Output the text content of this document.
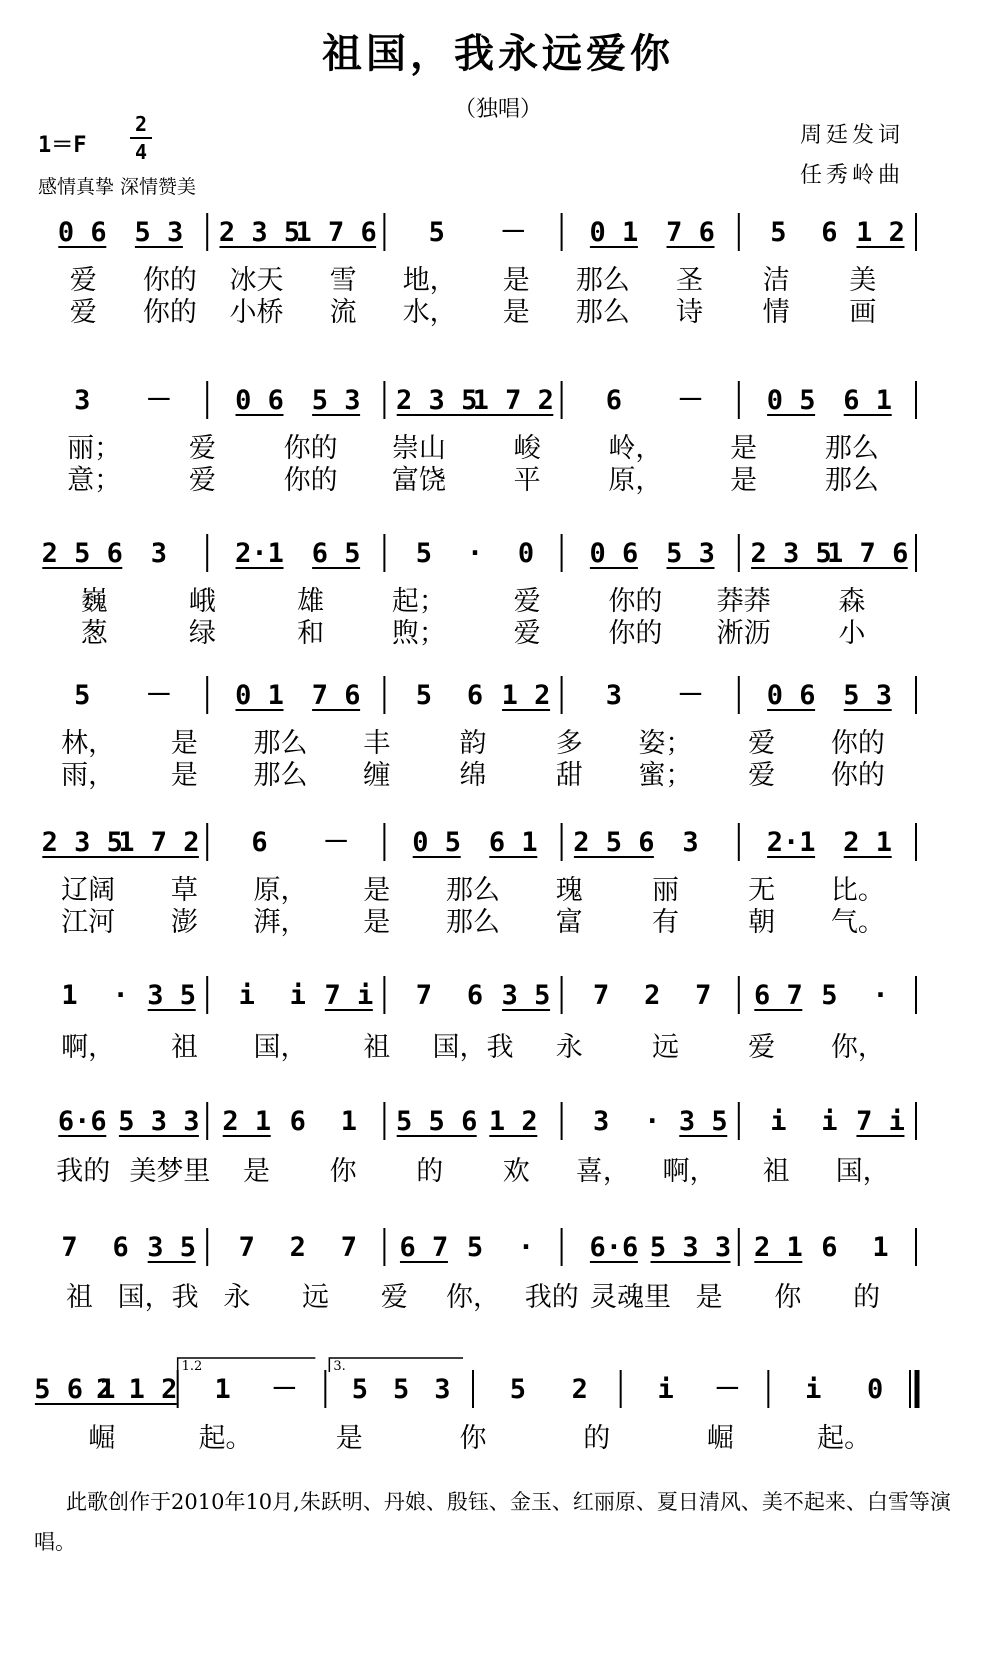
祖国，我永远爱你
（独唱）
1＝F
2
4
感情真挚 深情赞美
周廷发词
任秀岭曲
0 6 5 3 2 3 5
1 7 6 5 － 0 1 7 6 5 6 1 2
爱 你的 冰天 雪 地， 是 那么 圣 洁 美
爱 你的 小桥 流 水， 是 那么 诗 情 画
3 － 0 6 5 3 2 3 5
1 7 2 6 － 0 5 6 1
丽；	爱	你的 崇山	峻	岭，	是	那么
意；	爱	你的 富饶	平	原，	是	那么
2 5 6 3	2·1 6 5 5 · 0 0 6 5 3 2 3 5
1 7 6
巍	峨	雄	起；	爱	你的 莽莽	森
葱	绿	和	煦；	爱	你的 淅沥	小
5 － 0 1 7 6 5 6 1 2 3 － 0 6 5 3
林， 是 那么 丰	韵	多 姿； 爱 你的
雨， 是 那么 缠	绵	甜 蜜； 爱 你的
2 3 5
1 7 2 6 － 0 5 6 1 2 5 6 3	2·1 2 1
辽阔 草 原， 是 那么 瑰	丽	无 比。
江河 澎 湃， 是 那么 富	有	朝 气。
1 · 3 5 i i 7 i 7 6 3 5 7 2 7 6 7 5 ·
啊， 祖 国， 祖 国，我 永	远	爱 你，
6·6 5 3 3 2 1 6 1 5 5 6 1 2 3 · 3 5 i i 7 i
我的 美梦里 是 你 的 欢 喜， 啊， 祖 国，
7 6 3 5 7 2 7 6 7 5 · 6·6 5 3 3 2 1 6 1
祖 国，我 永 远 爱 你， 我的 灵魂里 是 你 的
5 6 1
2 1 2 1 － 5 5 3 5 2	i － i 0
1.2	3.
崛	起。	是	你	的	崛	起。
此歌创作于2010年10月,朱跃明、丹娘、殷钰、金玉、红丽原、夏日清风、美不起来、白雪等演唱。
